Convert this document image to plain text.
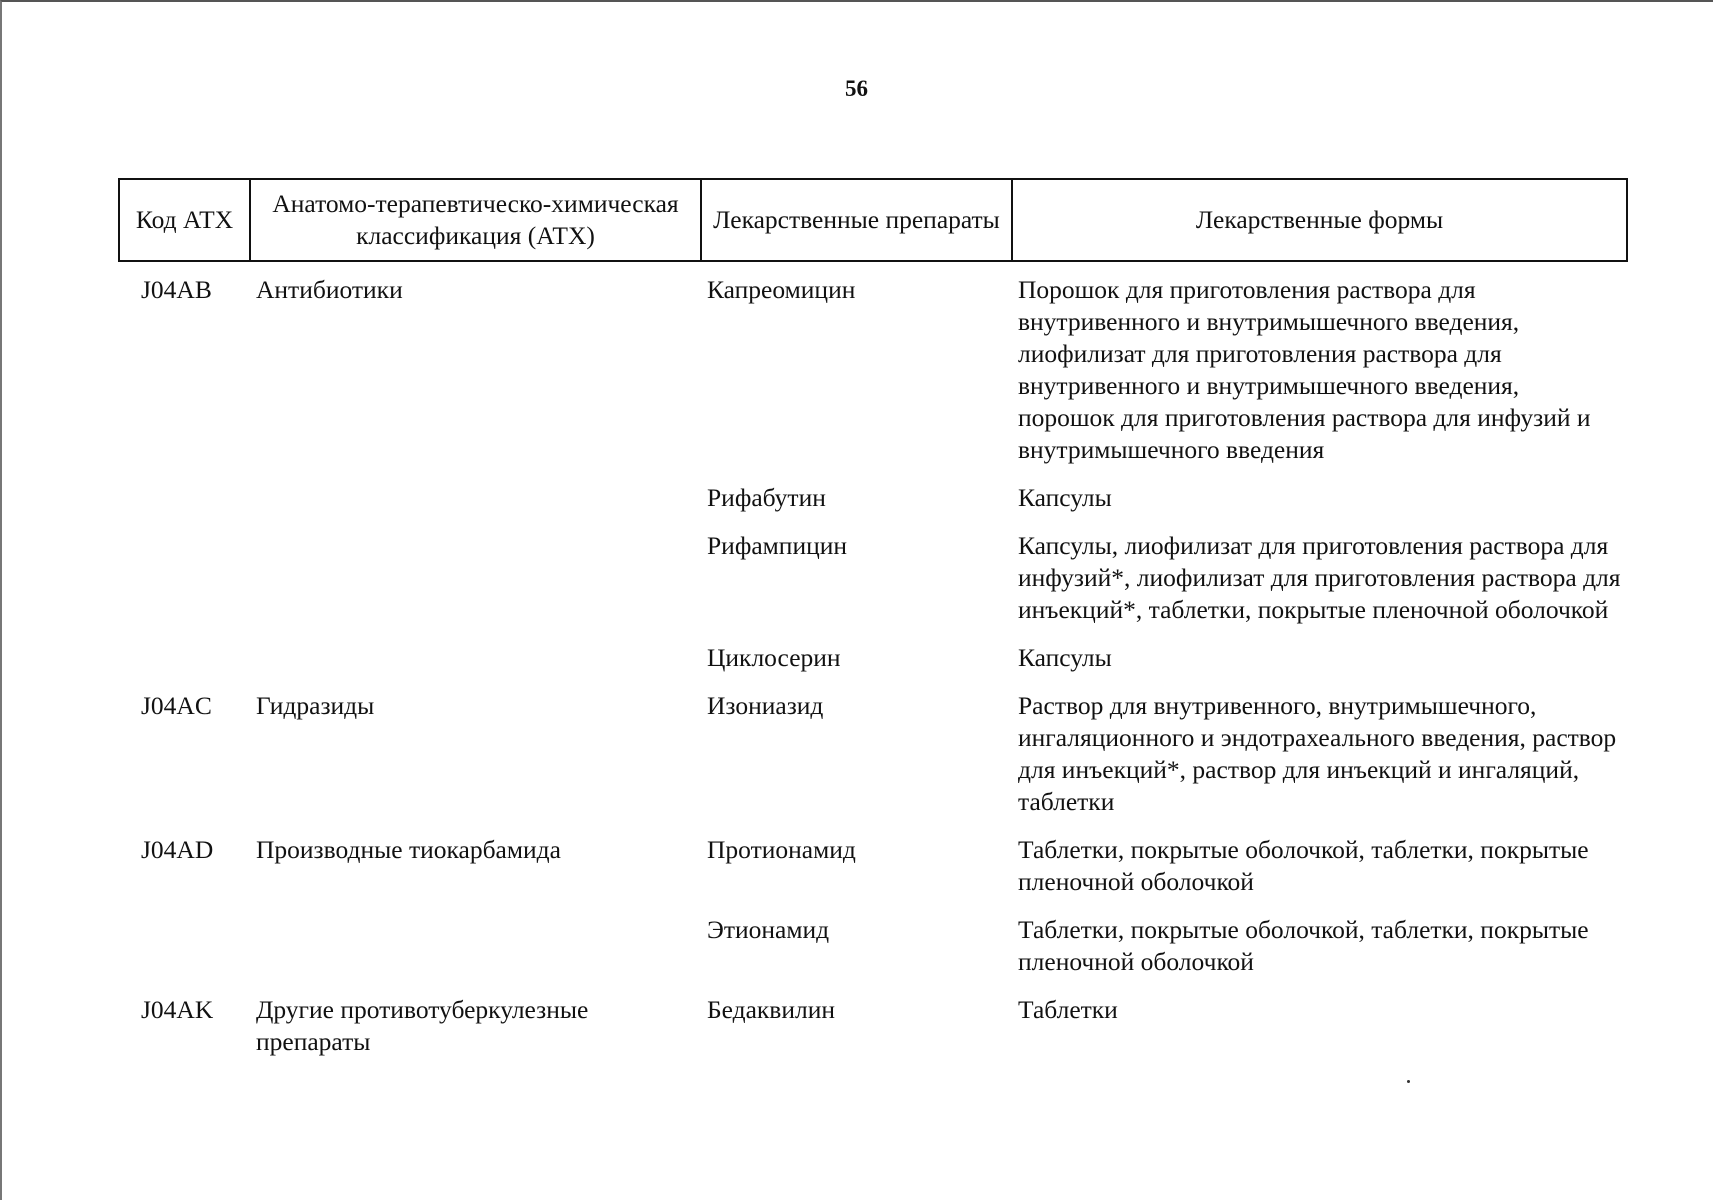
56
Код АТХ	Анатомо-терапевтическо-химическая классификация (АТХ)	Лекарственные препараты	Лекарственные формы
J04AB	Антибиотики	Капреомицин	Порошок для приготовления раствора для внутривенного и внутримышечного введения, лиофилизат для приготовления раствора для внутривенного и внутримышечного введения, порошок для приготовления раствора для инфузий и внутримышечного введения
		Рифабутин	Капсулы
		Рифампицин	Капсулы, лиофилизат для приготовления раствора для инфузий*, лиофилизат для приготовления раствора для инъекций*, таблетки, покрытые пленочной оболочкой
		Циклосерин	Капсулы
J04AC	Гидразиды	Изониазид	Раствор для внутривенного, внутримышечного, ингаляционного и эндотрахеального введения, раствор для инъекций*, раствор для инъекций и ингаляций, таблетки
J04AD	Производные тиокарбамида	Протионамид	Таблетки, покрытые оболочкой, таблетки, покрытые пленочной оболочкой
		Этионамид	Таблетки, покрытые оболочкой, таблетки, покрытые пленочной оболочкой
J04AK	Другие противотуберкулезные препараты	Бедаквилин	Таблетки
